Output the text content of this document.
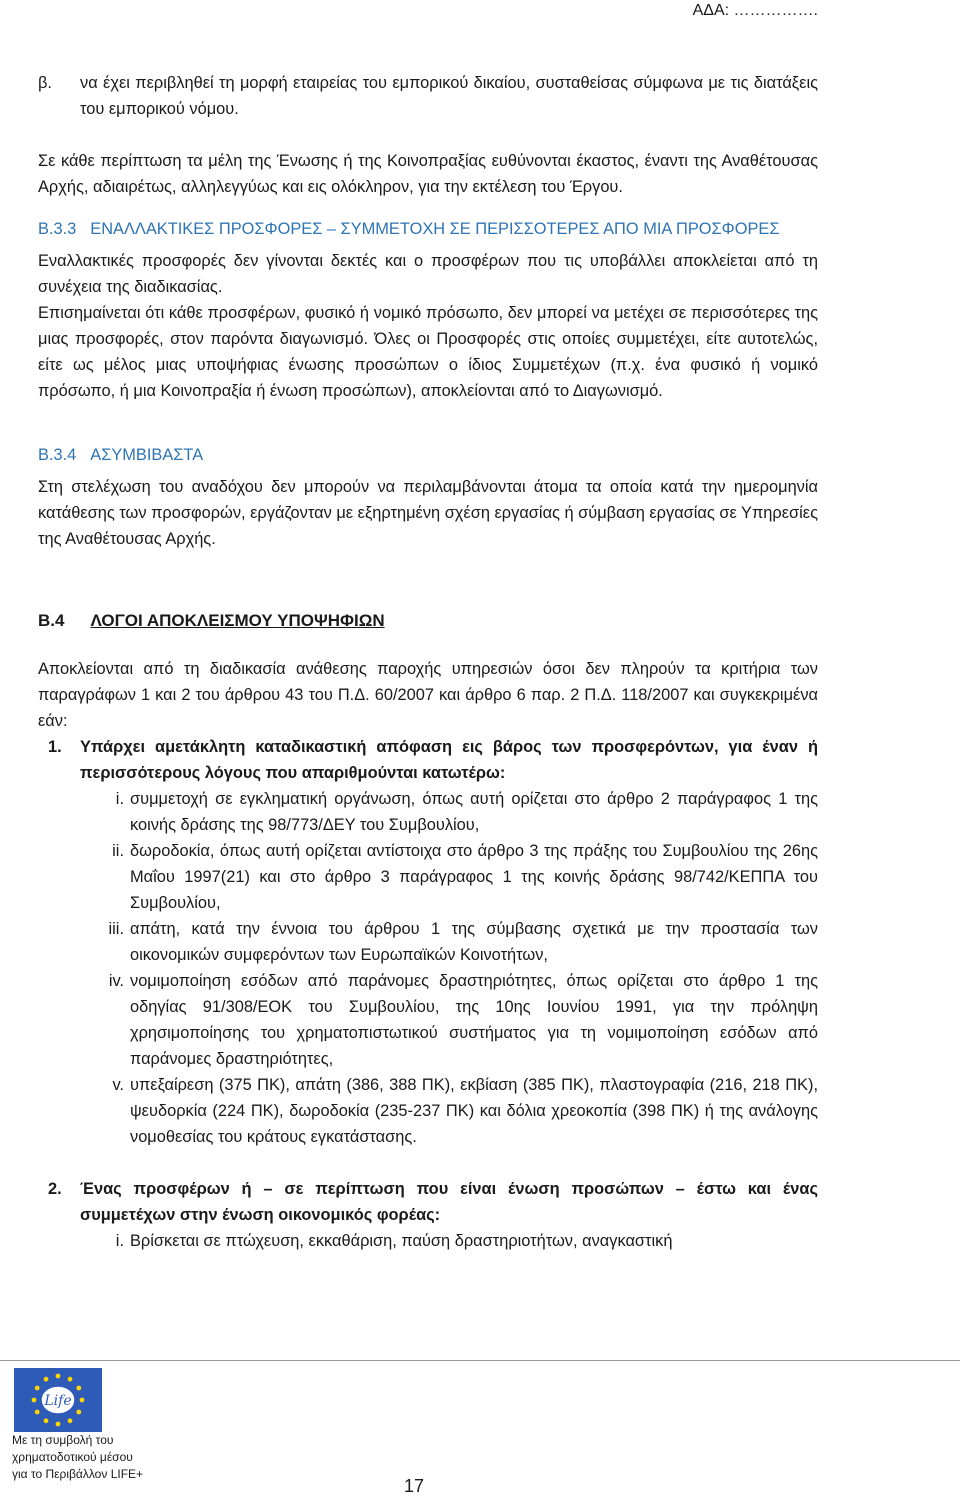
ΑΔΑ: …………….
β.	να έχει περιβληθεί τη μορφή εταιρείας του εμπορικού δικαίου, συσταθείσας σύμφωνα με τις διατάξεις του εμπορικού νόμου.

Σε κάθε περίπτωση τα μέλη της Ένωσης ή της Κοινοπραξίας ευθύνονται έκαστος, έναντι της Αναθέτουσας Αρχής, αδιαιρέτως, αλληλεγγύως και εις ολόκληρον, για την εκτέλεση του Έργου.

Β.3.3 ΕΝΑΛΛΑΚΤΙΚΕΣ ΠΡΟΣΦΟΡΕΣ – ΣΥΜΜΕΤΟΧΗ ΣΕ ΠΕΡΙΣΣΟΤΕΡΕΣ ΑΠΟ ΜΙΑ ΠΡΟΣΦΟΡΕΣ

Εναλλακτικές προσφορές δεν γίνονται δεκτές και ο προσφέρων που τις υποβάλλει αποκλείεται από τη συνέχεια της διαδικασίας.

Επισημαίνεται ότι κάθε προσφέρων, φυσικό ή νομικό πρόσωπο, δεν μπορεί να μετέχει σε περισσότερες της μιας προσφορές, στον παρόντα διαγωνισμό. Όλες οι Προσφορές στις οποίες συμμετέχει, είτε αυτοτελώς, είτε ως μέλος μιας υποψήφιας ένωσης προσώπων ο ίδιος Συμμετέχων (π.χ. ένα φυσικό ή νομικό πρόσωπο, ή μια Κοινοπραξία ή ένωση προσώπων), αποκλείονται από το Διαγωνισμό.

Β.3.4 ΑΣΥΜΒΙΒΑΣΤΑ

Στη στελέχωση του αναδόχου δεν μπορούν να περιλαμβάνονται άτομα τα οποία κατά την ημερομηνία κατάθεσης των προσφορών, εργάζονταν με εξηρτημένη σχέση εργασίας ή σύμβαση εργασίας σε Υπηρεσίες της Αναθέτουσας Αρχής.

Β.4 ΛΟΓΟΙ ΑΠΟΚΛΕΙΣΜΟΥ ΥΠΟΨΗΦΙΩΝ

Αποκλείονται από τη διαδικασία ανάθεσης παροχής υπηρεσιών όσοι δεν πληρούν τα κριτήρια των παραγράφων 1 και 2 του άρθρου 43 του Π.Δ. 60/2007 και άρθρο 6 παρ. 2 Π.Δ. 118/2007 και συγκεκριμένα εάν:

1.	Υπάρχει αμετάκλητη καταδικαστική απόφαση εις βάρος των προσφερόντων, για έναν ή περισσότερους λόγους που απαριθμούνται κατωτέρω:
i. συμμετοχή σε εγκληματική οργάνωση, όπως αυτή ορίζεται στο άρθρο 2 παράγραφος 1 της κοινής δράσης της 98/773/ΔΕΥ του Συμβουλίου,
ii. δωροδοκία, όπως αυτή ορίζεται αντίστοιχα στο άρθρο 3 της πράξης του Συμβουλίου της 26ης Μαΐου 1997(21) και στο άρθρο 3 παράγραφος 1 της κοινής δράσης 98/742/ΚΕΠΠΑ του Συμβουλίου,
iii. απάτη, κατά την έννοια του άρθρου 1 της σύμβασης σχετικά με την προστασία των οικονομικών συμφερόντων των Ευρωπαϊκών Κοινοτήτων,
iv. νομιμοποίηση εσόδων από παράνομες δραστηριότητες, όπως ορίζεται στο άρθρο 1 της οδηγίας 91/308/ΕΟΚ του Συμβουλίου, της 10ης Ιουνίου 1991, για την πρόληψη χρησιμοποίησης του χρηματοπιστωτικού συστήματος για τη νομιμοποίηση εσόδων από παράνομες δραστηριότητες,
v. υπεξαίρεση (375 ΠΚ), απάτη (386, 388 ΠΚ), εκβίαση (385 ΠΚ), πλαστογραφία (216, 218 ΠΚ), ψευδορκία (224 ΠΚ), δωροδοκία (235-237 ΠΚ) και δόλια χρεοκοπία (398 ΠΚ) ή της ανάλογης νομοθεσίας του κράτους εγκατάστασης.
2.	Ένας προσφέρων ή – σε περίπτωση που είναι ένωση προσώπων – έστω και ένας συμμετέχων στην ένωση οικονομικός φορέας:
i. Βρίσκεται σε πτώχευση, εκκαθάριση, παύση δραστηριοτήτων, αναγκαστική
Life
Με τη συμβολή του
χρηματοδοτικού μέσου
για το Περιβάλλον LIFE+
17
